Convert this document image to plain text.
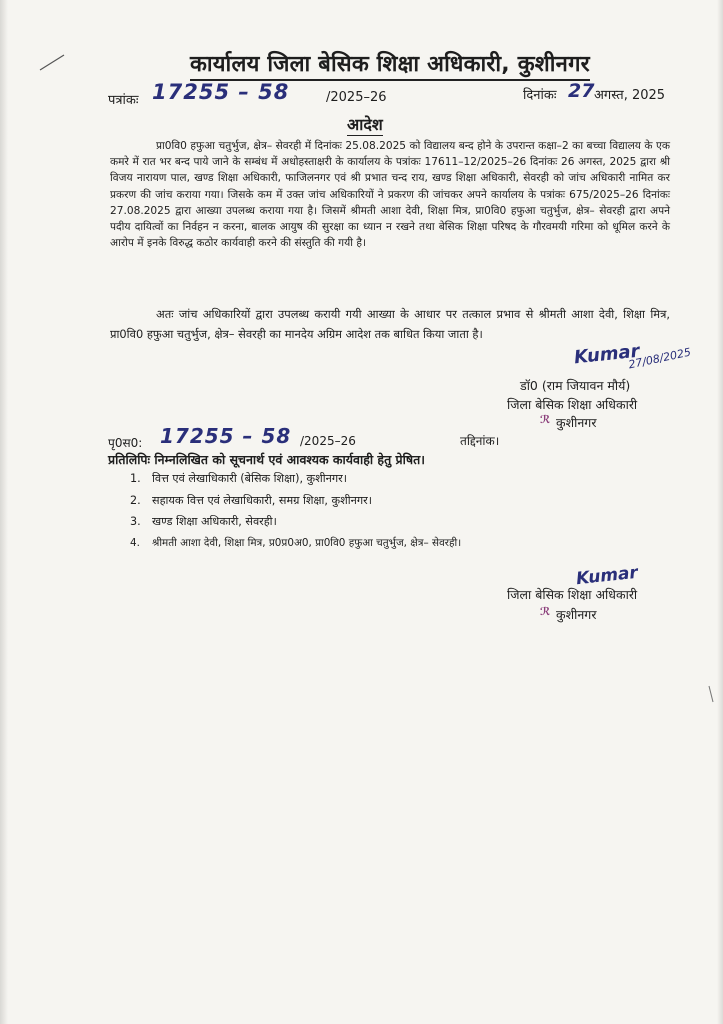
कार्यालय जिला बेसिक शिक्षा अधिकारी, कुशीनगर
पत्रांकः 17255 – 58	/2025–26	दिनांकः 27 अगस्त, 2025
आदेश

प्रा0वि0 हफुआ चतुर्भुज, क्षेत्र– सेवरही में दिनांकः 25.08.2025 को विद्यालय बन्द होने के उपरान्त कक्षा–2 का बच्चा विद्यालय के एक कमरे में रात भर बन्द पाये जाने के सम्बंध में अधोहस्ताक्षरी के कार्यालय के पत्रांकः 17611–12/2025–26 दिनांकः 26 अगस्त, 2025 द्वारा श्री विजय नारायण पाल, खण्ड शिक्षा अधिकारी, फाजिलनगर एवं श्री प्रभात चन्द राय, खण्ड शिक्षा अधिकारी, सेवरही को जांच अधिकारी नामित कर प्रकरण की जांच कराया गया। जिसके कम में उक्त जांच अधिकारियों ने प्रकरण की जांचकर अपने कार्यालय के पत्रांकः 675/2025–26 दिनांकः 27.08.2025 द्वारा आख्या उपलब्ध कराया गया है। जिसमें श्रीमती आशा देवी, शिक्षा मित्र, प्रा0वि0 हफुआ चतुर्भुज, क्षेत्र– सेवरही द्वारा अपने पदीय दायित्वों का निर्वहन न करना, बालक आयुष की सुरक्षा का ध्यान न रखने तथा बेसिक शिक्षा परिषद के गौरवमयी गरिमा को धूमिल करने के आरोप में इनके विरुद्ध कठोर कार्यवाही करने की संस्तुति की गयी है।

अतः जांच अधिकारियों द्वारा उपलब्ध करायी गयी आख्या के आधार पर तत्काल प्रभाव से श्रीमती आशा देवी, शिक्षा मित्र, प्रा0वि0 हफुआ चतुर्भुज, क्षेत्र– सेवरही का मानदेय अग्रिम आदेश तक बाधित किया जाता है।

Kumar
27/08/2025
डॉ0 (राम जियावन मौर्य)
जिला बेसिक शिक्षा अधिकारी
ℛ कुशीनगर
पृ0स0: 17255 – 58 /2025–26	तद्दिनांक।
प्रतिलिपिः निम्नलिखित को सूचनार्थ एवं आवश्यक कार्यवाही हेतु प्रेषित।
1. वित्त एवं लेखाधिकारी (बेसिक शिक्षा), कुशीनगर।
2. सहायक वित्त एवं लेखाधिकारी, समग्र शिक्षा, कुशीनगर।
3. खण्ड शिक्षा अधिकारी, सेवरही।
4. श्रीमती आशा देवी, शिक्षा मित्र, प्र0प्र0अ0, प्रा0वि0 हफुआ चतुर्भुज, क्षेत्र– सेवरही।
Kumar
जिला बेसिक शिक्षा अधिकारी
ℛ कुशीनगर
